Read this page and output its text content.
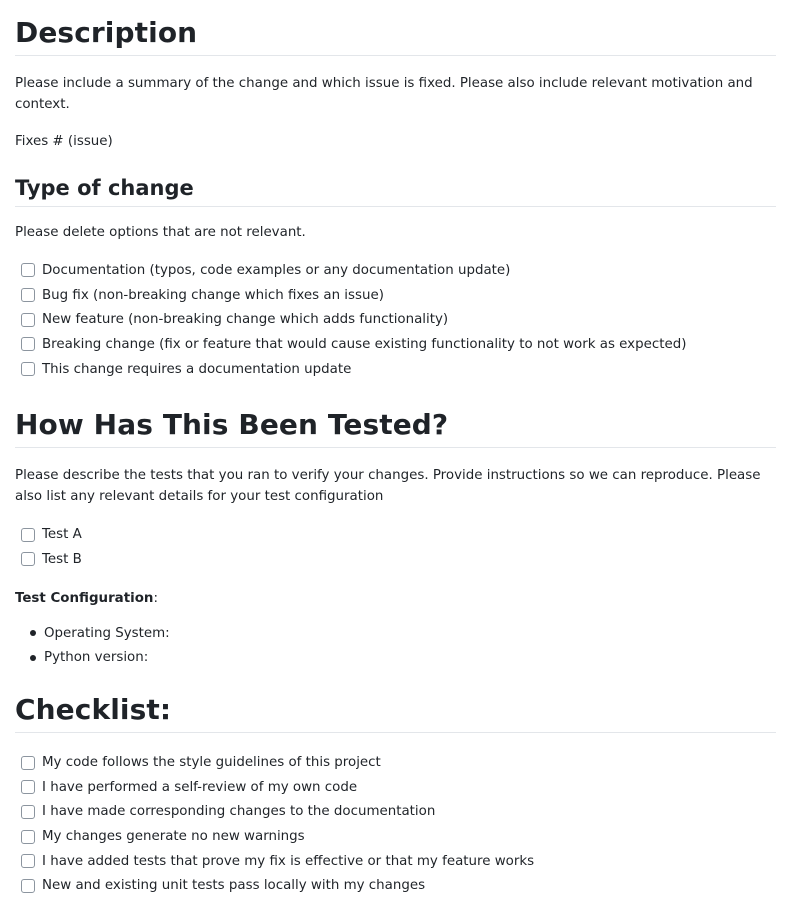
Description

Please include a summary of the change and which issue is fixed. Please also include relevant motivation and context.

Fixes # (issue)

Type of change

Please delete options that are not relevant.

Documentation (typos, code examples or any documentation update)
Bug fix (non-breaking change which fixes an issue)
New feature (non-breaking change which adds functionality)
Breaking change (fix or feature that would cause existing functionality to not work as expected)
This change requires a documentation update
How Has This Been Tested?

Please describe the tests that you ran to verify your changes. Provide instructions so we can reproduce. Please also list any relevant details for your test configuration

Test A
Test B

Test Configuration:

Operating System:
Python version:
Checklist:
My code follows the style guidelines of this project
I have performed a self-review of my own code
I have made corresponding changes to the documentation
My changes generate no new warnings
I have added tests that prove my fix is effective or that my feature works
New and existing unit tests pass locally with my changes
